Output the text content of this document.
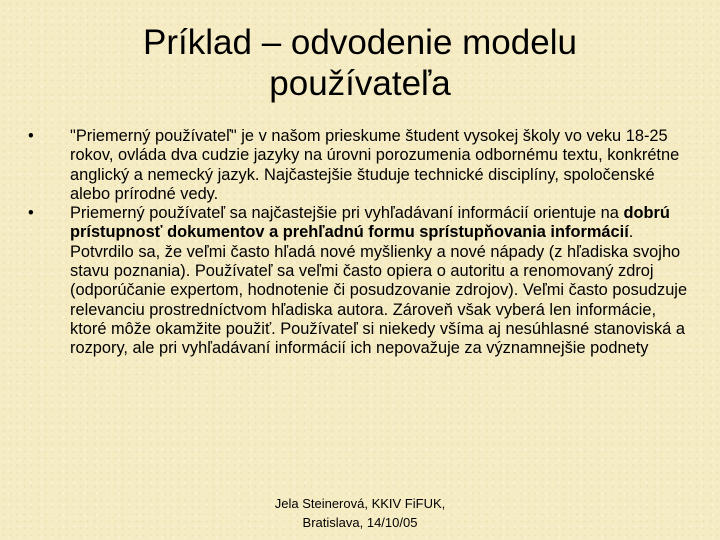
Príklad – odvodenie modelu
používateľa
•	"Priemerný používateľ" je v našom prieskume študent vysokej školy vo veku 18-25 rokov, ovláda dva cudzie jazyky na úrovni porozumenia odbornému textu, konkrétne anglický a nemecký jazyk. Najčastejšie študuje technické disciplíny, spoločenské alebo prírodné vedy.
•	Priemerný používateľ sa najčastejšie pri vyhľadávaní informácií orientuje na dobrú prístupnosť dokumentov a prehľadnú formu sprístupňovania informácií. Potvrdilo sa, že veľmi často hľadá nové myšlienky a nové nápady (z hľadiska svojho stavu poznania). Používateľ sa veľmi často opiera o autoritu a renomovaný zdroj (odporúčanie expertom, hodnotenie či posudzovanie zdrojov). Veľmi často posudzuje relevanciu prostredníctvom hľadiska autora. Zároveň však vyberá len informácie, ktoré môže okamžite použiť. Používateľ si niekedy všíma aj nesúhlasné stanoviská a rozpory, ale pri vyhľadávaní informácií ich nepovažuje za významnejšie podnety
Jela Steinerová, KKIV FiFUK,
Bratislava, 14/10/05
